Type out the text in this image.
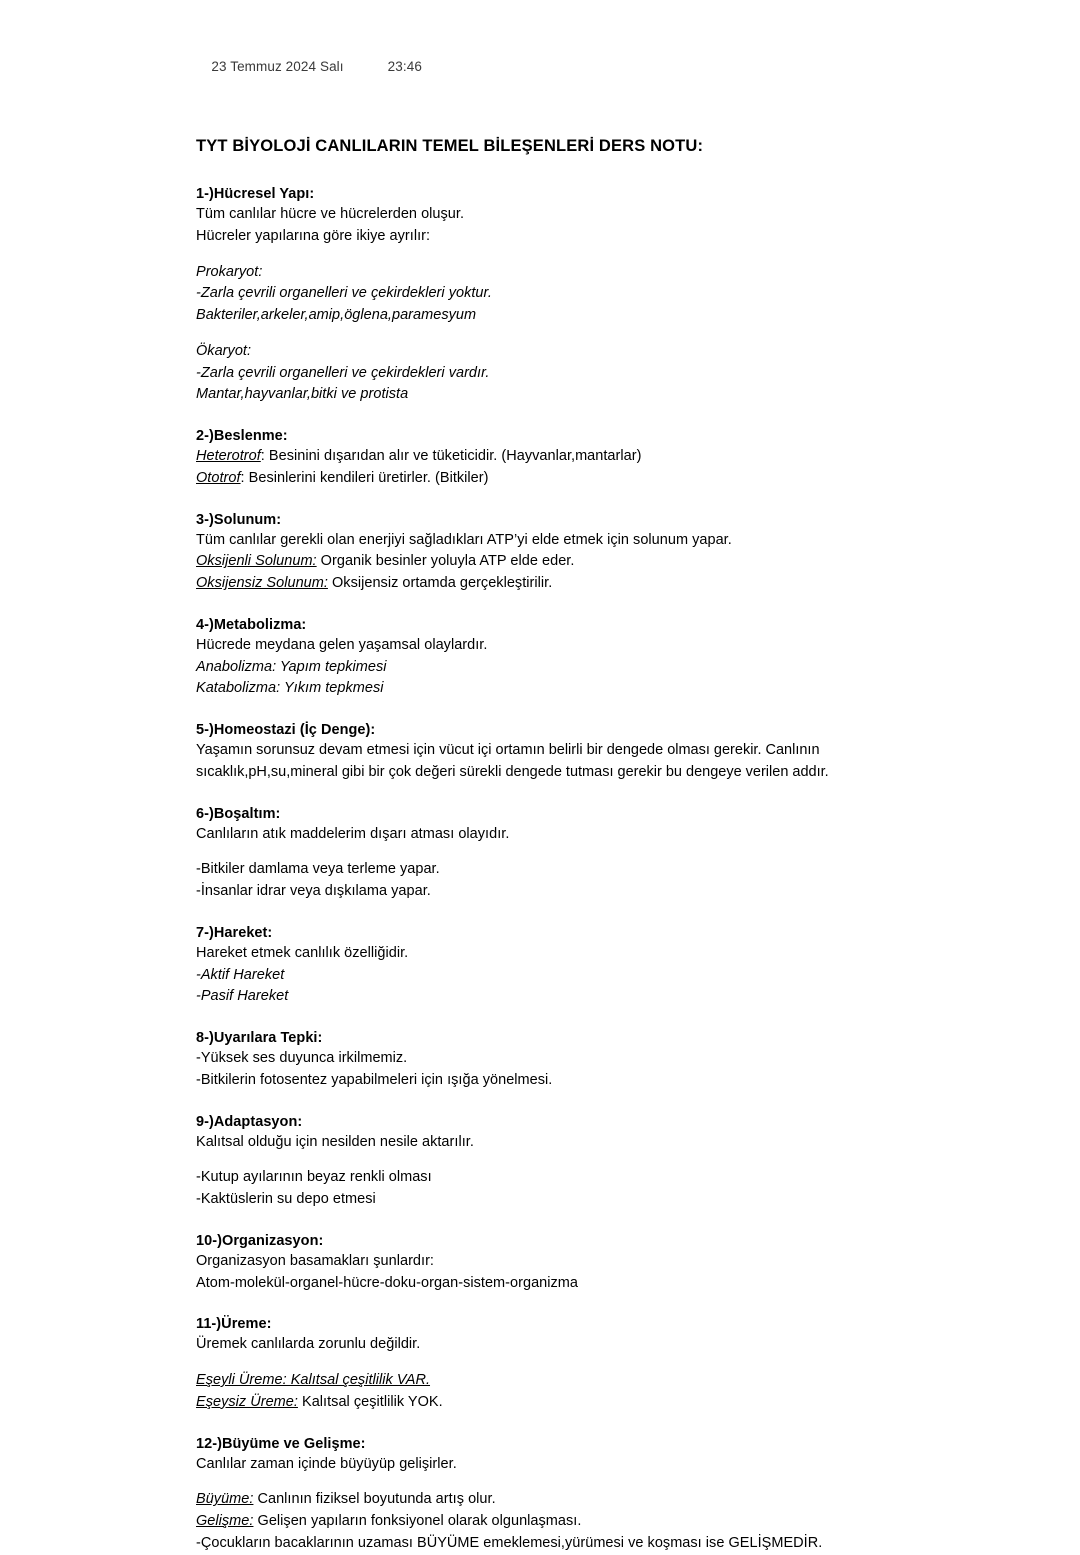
23 Temmuz 2024 Salı	23:46

TYT BİYOLOJİ CANLILARIN TEMEL BİLEŞENLERİ DERS NOTU:
1-)Hücresel Yapı:

Tüm canlılar hücre ve hücrelerden oluşur.

Hücreler yapılarına göre ikiye ayrılır:

Prokaryot:

-Zarla çevrili organelleri ve çekirdekleri yoktur.

Bakteriler,arkeler,amip,öglena,paramesyum

Ökaryot:

-Zarla çevrili organelleri ve çekirdekleri vardır.

Mantar,hayvanlar,bitki ve protista

2-)Beslenme:

Heterotrof: Besinini dışarıdan alır ve tüketicidir. (Hayvanlar,mantarlar)

Ototrof: Besinlerini kendileri üretirler. (Bitkiler)

3-)Solunum:

Tüm canlılar gerekli olan enerjiyi sağladıkları ATP’yi elde etmek için solunum yapar.

Oksijenli Solunum: Organik besinler yoluyla ATP elde eder.

Oksijensiz Solunum: Oksijensiz ortamda gerçekleştirilir.

4-)Metabolizma:

Hücrede meydana gelen yaşamsal olaylardır.

Anabolizma: Yapım tepkimesi

Katabolizma: Yıkım tepkmesi

5-)Homeostazi (İç Denge):

Yaşamın sorunsuz devam etmesi için vücut içi ortamın belirli bir dengede olması gerekir. Canlının sıcaklık,pH,su,mineral gibi bir çok değeri sürekli dengede tutması gerekir bu dengeye verilen addır.

6-)Boşaltım:

Canlıların atık maddelerim dışarı atması olayıdır.

-Bitkiler damlama veya terleme yapar.

-İnsanlar idrar veya dışkılama yapar.

7-)Hareket:

Hareket etmek canlılık özelliğidir.

-Aktif Hareket

-Pasif Hareket

8-)Uyarılara Tepki:

-Yüksek ses duyunca irkilmemiz.

-Bitkilerin fotosentez yapabilmeleri için ışığa yönelmesi.

9-)Adaptasyon:

Kalıtsal olduğu için nesilden nesile aktarılır.

-Kutup ayılarının beyaz renkli olması

-Kaktüslerin su depo etmesi

10-)Organizasyon:

Organizasyon basamakları şunlardır:

Atom-molekül-organel-hücre-doku-organ-sistem-organizma

11-)Üreme:

Üremek canlılarda zorunlu değildir.

Eşeyli Üreme: Kalıtsal çeşitlilik VAR.

Eşeysiz Üreme: Kalıtsal çeşitlilik YOK.

12-)Büyüme ve Gelişme:

Canlılar zaman içinde büyüyüp gelişirler.

Büyüme: Canlının fiziksel boyutunda artış olur.

Gelişme: Gelişen yapıların fonksiyonel olarak olgunlaşması.

-Çocukların bacaklarının uzaması BÜYÜME emeklemesi,yürümesi ve koşması ise GELİŞMEDİR.
